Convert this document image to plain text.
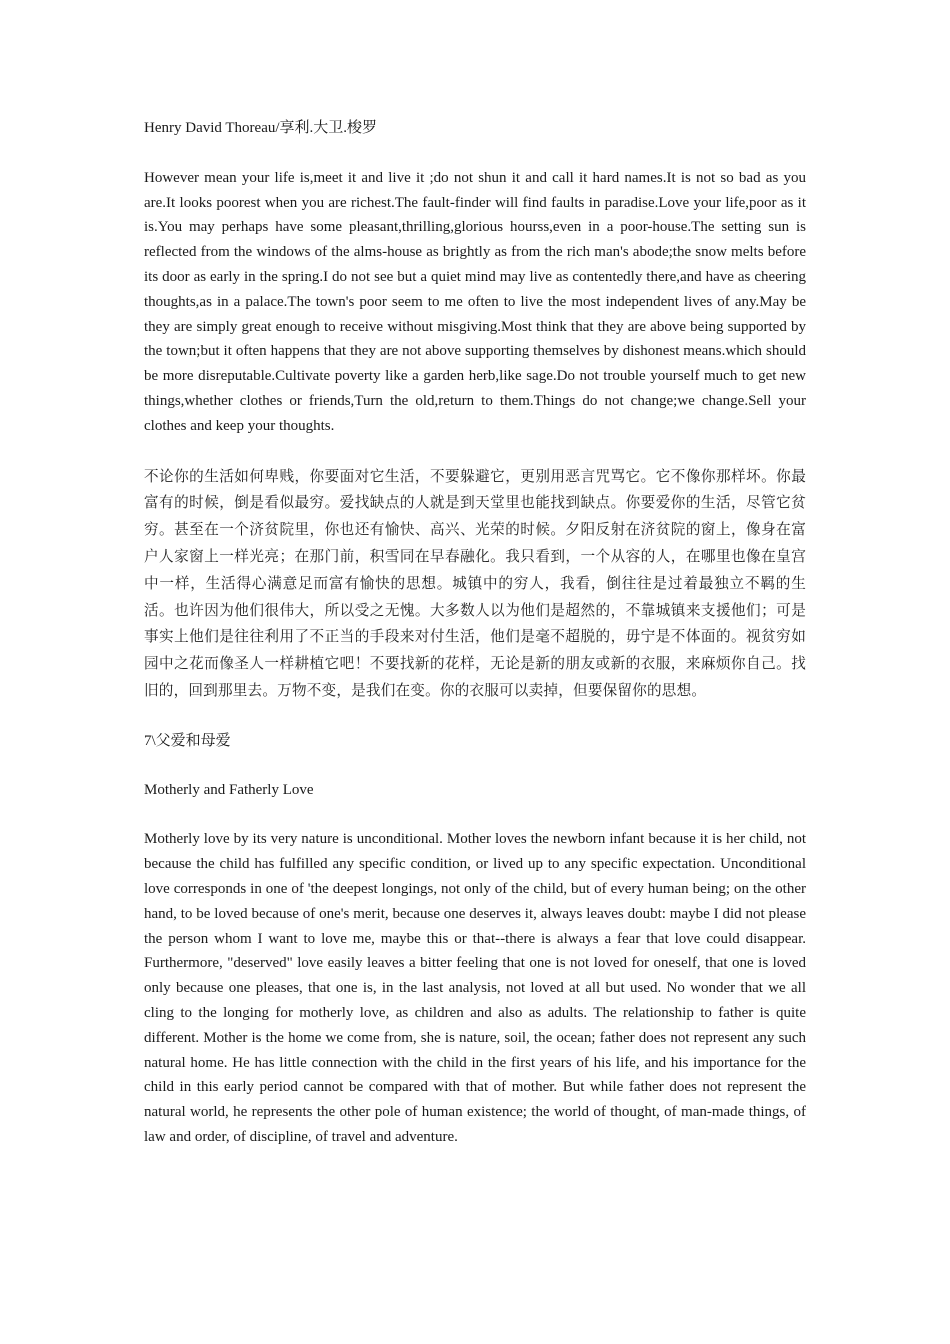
Henry David Thoreau/享利.大卫.梭罗

However mean your life is,meet it and live it ;do not shun it and call it hard names.It is not so bad as you are.It looks poorest when you are richest.The fault-finder will find faults in paradise.Love your life,poor as it is.You may perhaps have some pleasant,thrilling,glorious hourss,even in a poor-house.The setting sun is reflected from the windows of the alms-house as brightly as from the rich man's abode;the snow melts before its door as early in the spring.I do not see but a quiet mind may live as contentedly there,and have as cheering thoughts,as in a palace.The town's poor seem to me often to live the most independent lives of any.May be they are simply great enough to receive without misgiving.Most think that they are above being supported by the town;but it often happens that they are not above supporting themselves by dishonest means.which should be more disreputable.Cultivate poverty like a garden herb,like sage.Do not trouble yourself much to get new things,whether clothes or friends,Turn the old,return to them.Things do not change;we change.Sell your clothes and keep your thoughts.

不论你的生活如何卑贱，你要面对它生活，不要躲避它，更别用恶言咒骂它。它不像你那样坏。你最富有的时候，倒是看似最穷。爱找缺点的人就是到天堂里也能找到缺点。你要爱你的生活，尽管它贫穷。甚至在一个济贫院里，你也还有愉快、高兴、光荣的时候。夕阳反射在济贫院的窗上，像身在富户人家窗上一样光亮；在那门前，积雪同在早春融化。我只看到，一个从容的人，在哪里也像在皇宫中一样，生活得心满意足而富有愉快的思想。城镇中的穷人，我看，倒往往是过着最独立不羁的生活。也许因为他们很伟大，所以受之无愧。大多数人以为他们是超然的，不靠城镇来支援他们；可是事实上他们是往往利用了不正当的手段来对付生活，他们是毫不超脱的，毋宁是不体面的。视贫穷如园中之花而像圣人一样耕植它吧！不要找新的花样，无论是新的朋友或新的衣服，来麻烦你自己。找旧的，回到那里去。万物不变，是我们在变。你的衣服可以卖掉，但要保留你的思想。

7\父爱和母爱

Motherly and Fatherly Love

Motherly love by its very nature is unconditional. Mother loves the newborn infant because it is her child, not because the child has fulfilled any specific condition, or lived up to any specific expectation. Unconditional love corresponds in one of 'the deepest longings, not only of the child, but of every human being; on the other hand, to be loved because of one's merit, because one deserves it, always leaves doubt: maybe I did not please the person whom I want to love me, maybe this or that--there is always a fear that love could disappear. Furthermore, "deserved" love easily leaves a bitter feeling that one is not loved for oneself, that one is loved only because one pleases, that one is, in the last analysis, not loved at all but used. No wonder that we all cling to the longing for motherly love, as children and also as adults. The relationship to father is quite different. Mother is the home we come from, she is nature, soil, the ocean; father does not represent any such natural home. He has little connection with the child in the first years of his life, and his importance for the child in this early period cannot be compared with that of mother. But while father does not represent the natural world, he represents the other pole of human existence; the world of thought, of man-made things, of law and order, of discipline, of travel and adventure.
